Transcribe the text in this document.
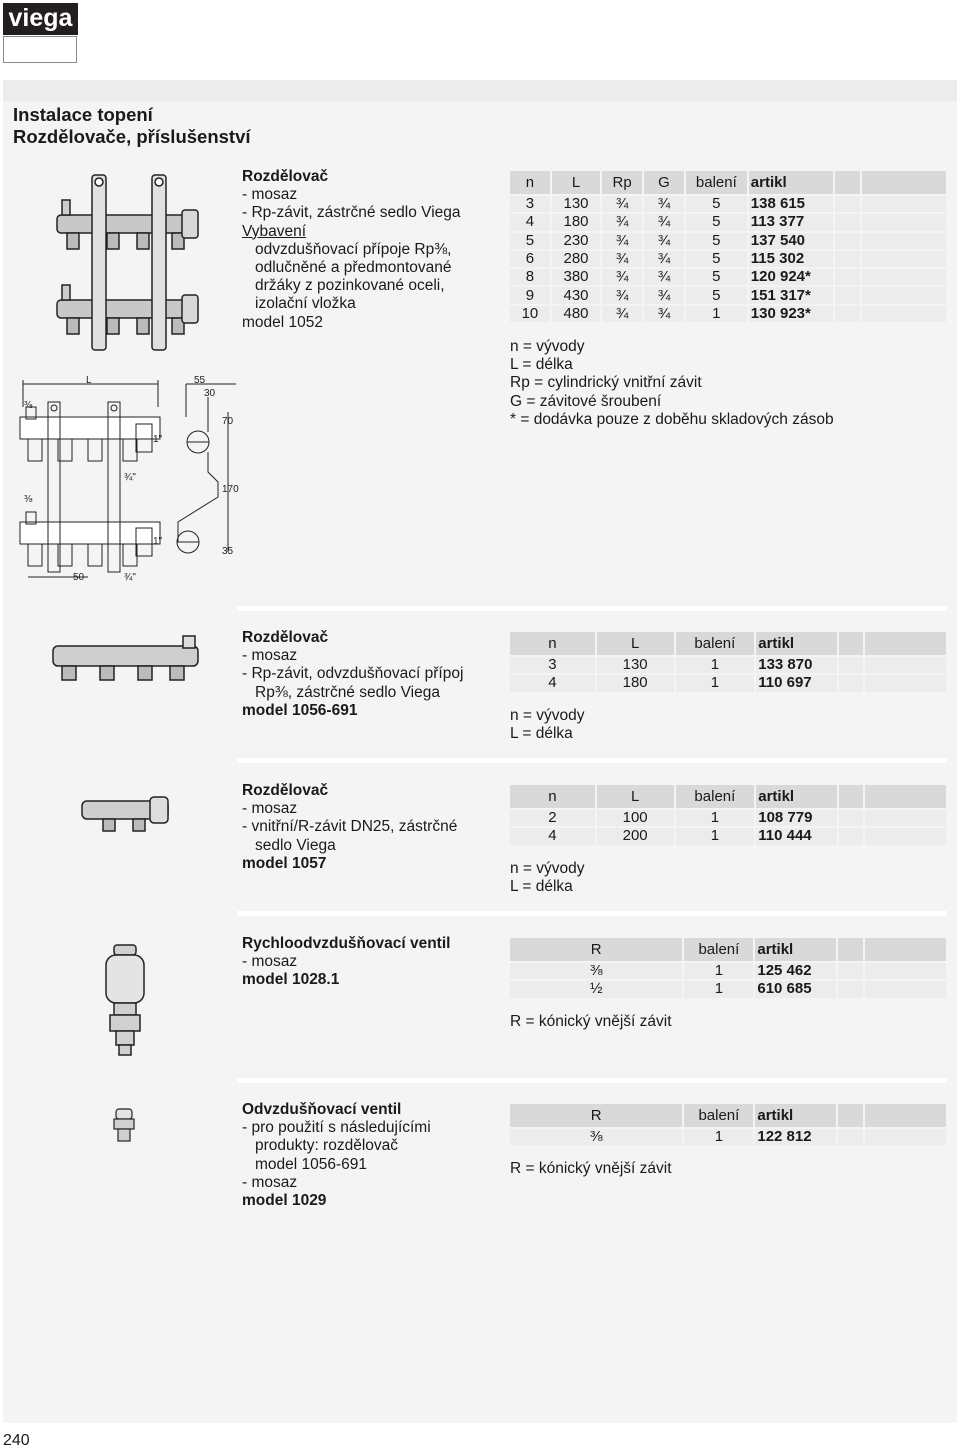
viega
Instalace topení
Rozdělovače, příslušenství
Rozdělovač
- mosaz
- Rp-závit, zástrčné sedlo Viega
Vybavení
odvzdušňovací přípoje Rp⅜,
odlučněné a předmontované
držáky z pozinkované oceli,
izolační vložka
model 1052
n	L	Rp	G	balení	artikl		
3	130	¾	¾	5	138 615		
4	180	¾	¾	5	113 377		
5	230	¾	¾	5	137 540		
6	280	¾	¾	5	115 302		
8	380	¾	¾	5	120 924*		
9	430	¾	¾	5	151 317*		
10	480	¾	¾	1	130 923*		
n = vývody
L = délka
Rp = cylindrický vnitřní závit
G = závitové šroubení
* = dodávka pouze z doběhu skladových zásob
L	55
30
70
170
35
50
⅜
⅜
1"
1"
¾"
¾"
Rozdělovač
- mosaz
- Rp-závit, odvzdušňovací přípoj
Rp⅜, zástrčné sedlo Viega
model 1056-691
n	L	balení	artikl		
3	130	1	133 870		
4	180	1	110 697		
n = vývody
L = délka
Rozdělovač
- mosaz
- vnitřní/R-závit DN25, zástrčné
sedlo Viega
model 1057
n	L	balení	artikl		
2	100	1	108 779		
4	200	1	110 444		
n = vývody
L = délka
Rychloodvzdušňovací ventil
- mosaz
model 1028.1
R	balení	artikl		
⅜	1	125 462		
½	1	610 685		
R = kónický vnější závit
Odvzdušňovací ventil
- pro použití s následujícími
produkty: rozdělovač
model 1056-691
- mosaz
model 1029
R	balení	artikl		
⅜	1	122 812		
R = kónický vnější závit
240
